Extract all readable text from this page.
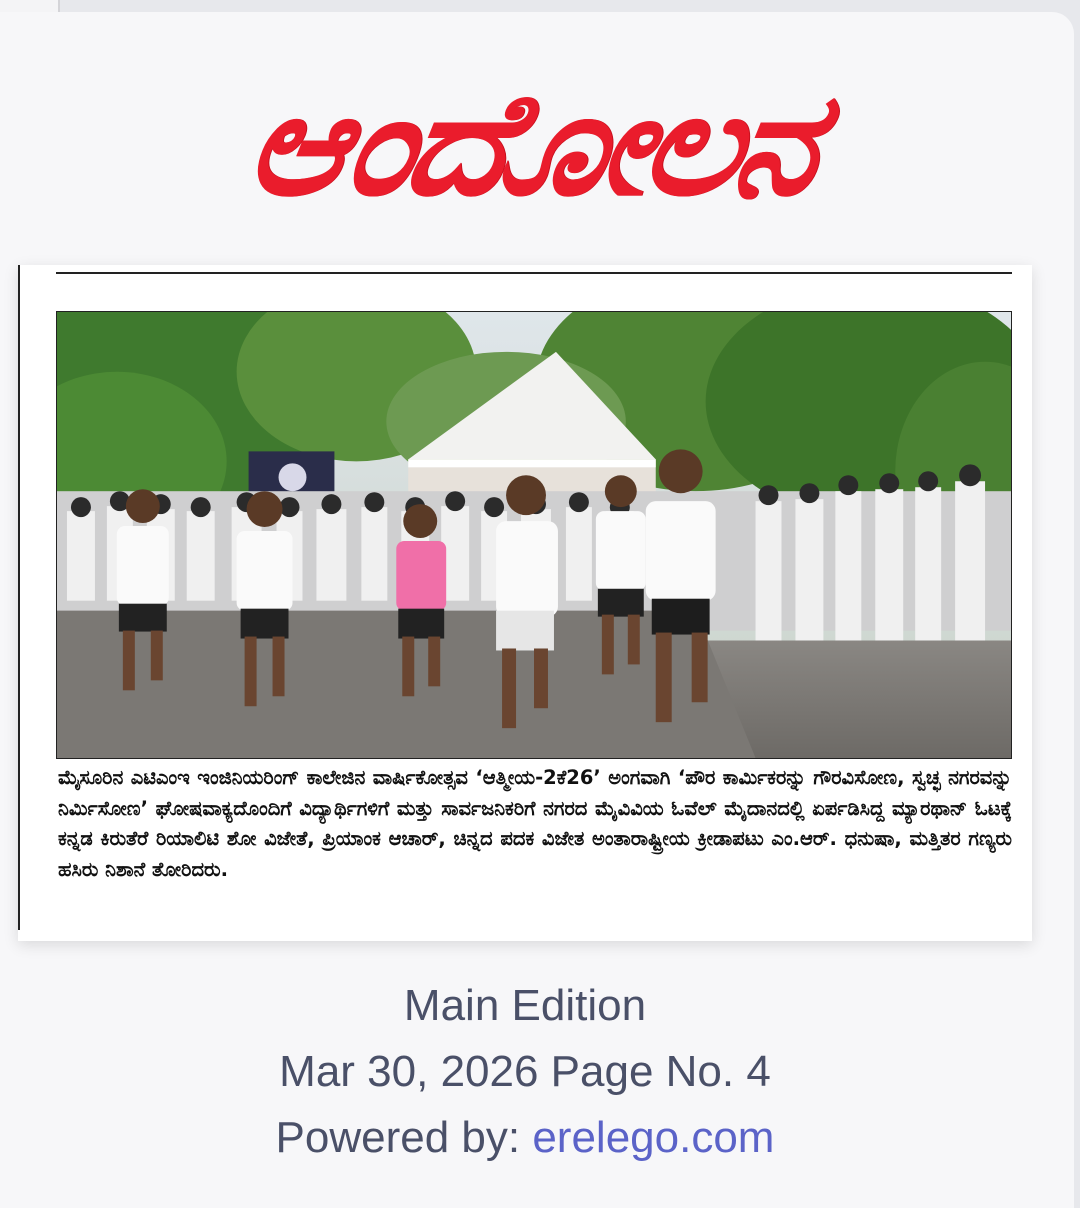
ಆಂದೋಲನ

ಮೈಸೂರಿನ ಎಟಿಎಂಇ ಇಂಜಿನಿಯರಿಂಗ್ ಕಾಲೇಜಿನ ವಾರ್ಷಿಕೋತ್ಸವ ‘ಆತ್ಮೀಯ-2ಕೆ26’ ಅಂಗವಾಗಿ ‘ಪೌರ ಕಾರ್ಮಿಕರನ್ನು ಗೌರವಿಸೋಣ, ಸ್ವಚ್ಛ ನಗರವನ್ನು ನಿರ್ಮಿಸೋಣ’ ಘೋಷವಾಕ್ಯದೊಂದಿಗೆ ವಿದ್ಯಾರ್ಥಿಗಳಿಗೆ ಮತ್ತು ಸಾರ್ವಜನಿಕರಿಗೆ ನಗರದ ಮೈವಿವಿಯ ಓವೆಲ್ ಮೈದಾನದಲ್ಲಿ ಏರ್ಪಡಿಸಿದ್ದ ಮ್ಯಾರಥಾನ್ ಓಟಕ್ಕೆ ಕನ್ನಡ ಕಿರುತೆರೆ ರಿಯಾಲಿಟಿ ಶೋ ವಿಜೇತೆ, ಪ್ರಿಯಾಂಕ ಆಚಾರ್, ಚಿನ್ನದ ಪದಕ ವಿಜೇತ ಅಂತಾರಾಷ್ಟ್ರೀಯ ಕ್ರೀಡಾಪಟು ಎಂ.ಆರ್. ಧನುಷಾ, ಮತ್ತಿತರ ಗಣ್ಯರು ಹಸಿರು ನಿಶಾನೆ ತೋರಿದರು.

Main Edition
Mar 30, 2026 Page No. 4
Powered by: erelego.com
